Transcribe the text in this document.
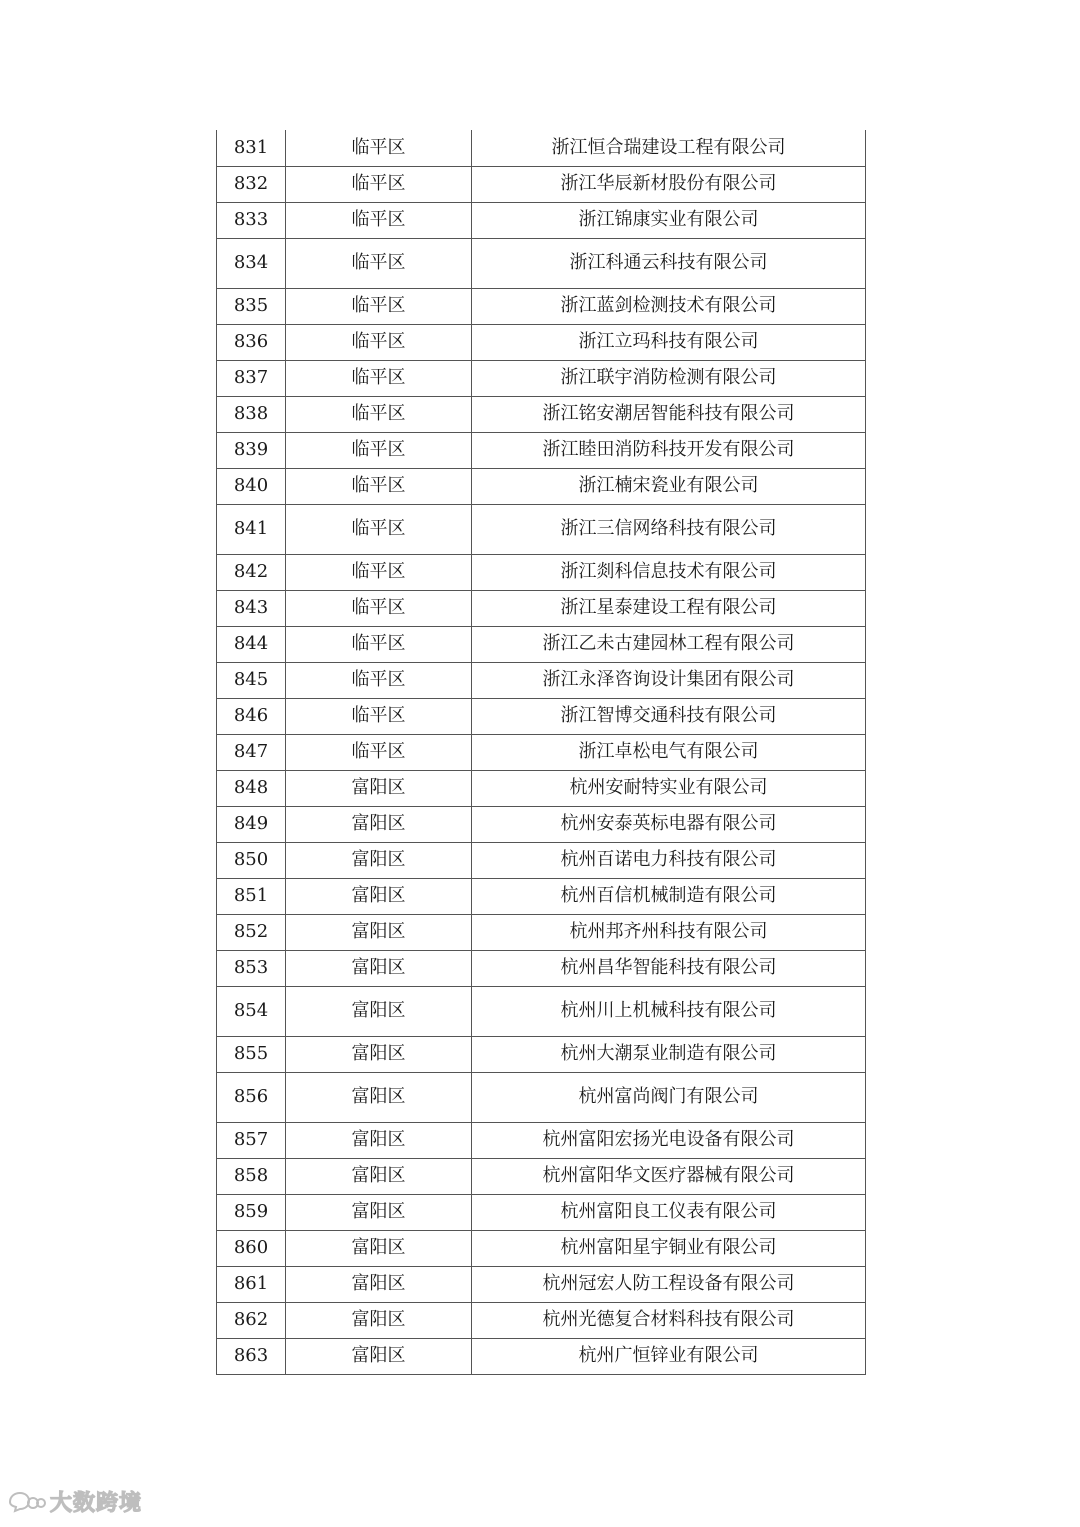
831	临平区	浙江恒合瑞建设工程有限公司
832	临平区	浙江华辰新材股份有限公司
833	临平区	浙江锦康实业有限公司
834	临平区	浙江科通云科技有限公司
835	临平区	浙江蓝剑检测技术有限公司
836	临平区	浙江立玛科技有限公司
837	临平区	浙江联宇消防检测有限公司
838	临平区	浙江铭安潮居智能科技有限公司
839	临平区	浙江睦田消防科技开发有限公司
840	临平区	浙江楠宋瓷业有限公司
841	临平区	浙江三信网络科技有限公司
842	临平区	浙江剡科信息技术有限公司
843	临平区	浙江星泰建设工程有限公司
844	临平区	浙江乙未古建园林工程有限公司
845	临平区	浙江永泽咨询设计集团有限公司
846	临平区	浙江智博交通科技有限公司
847	临平区	浙江卓松电气有限公司
848	富阳区	杭州安耐特实业有限公司
849	富阳区	杭州安泰英标电器有限公司
850	富阳区	杭州百诺电力科技有限公司
851	富阳区	杭州百信机械制造有限公司
852	富阳区	杭州邦齐州科技有限公司
853	富阳区	杭州昌华智能科技有限公司
854	富阳区	杭州川上机械科技有限公司
855	富阳区	杭州大潮泵业制造有限公司
856	富阳区	杭州富尚阀门有限公司
857	富阳区	杭州富阳宏扬光电设备有限公司
858	富阳区	杭州富阳华文医疗器械有限公司
859	富阳区	杭州富阳良工仪表有限公司
860	富阳区	杭州富阳星宇铜业有限公司
861	富阳区	杭州冠宏人防工程设备有限公司
862	富阳区	杭州光德复合材料科技有限公司
863	富阳区	杭州广恒锌业有限公司
大数跨境
